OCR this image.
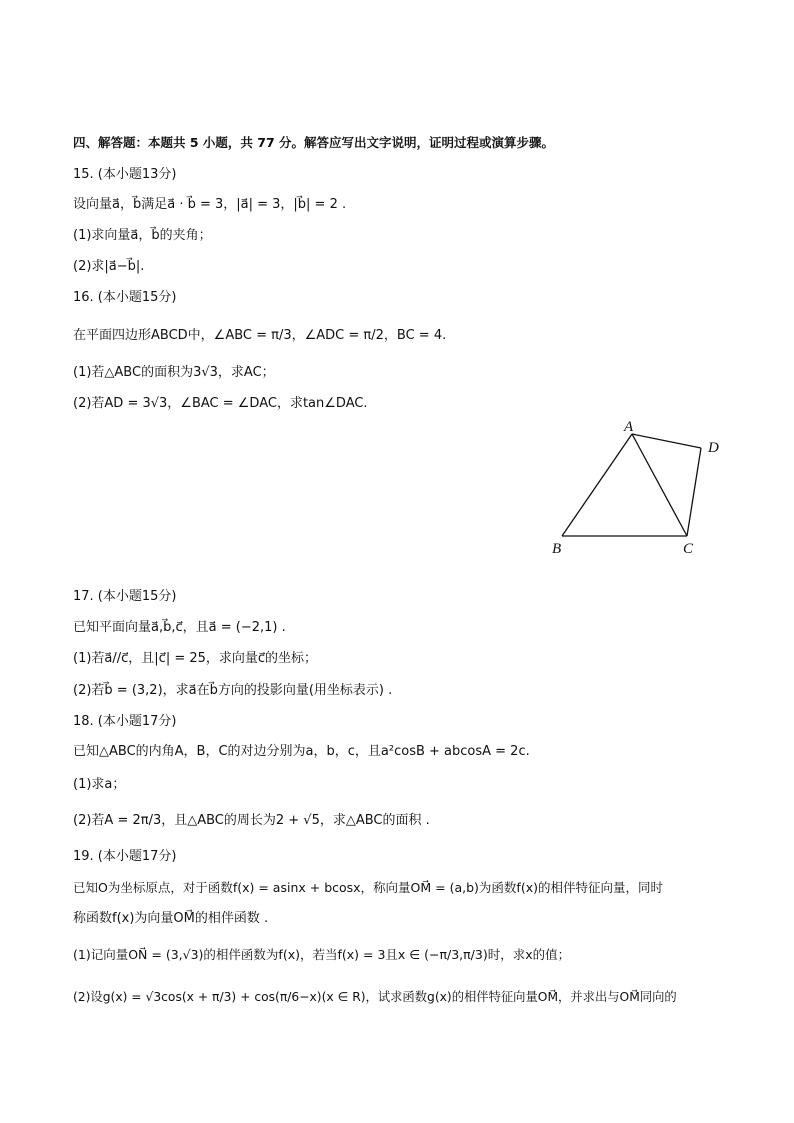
四、解答题：本题共 5 小题，共 77 分。解答应写出文字说明，证明过程或演算步骤。
15. (本小题13分)
设向量a⃗，b⃗满足a⃗ · b⃗ = 3，|a⃗| = 3，|b⃗| = 2 .
(1)求向量a⃗，b⃗的夹角；
(2)求|a⃗−b⃗|.
16. (本小题15分)
在平面四边形ABCD中，∠ABC = π/3，∠ADC = π/2，BC = 4.
(1)若△ABC的面积为3√3，求AC；
(2)若AD = 3√3，∠BAC = ∠DAC，求tan∠DAC.
A
B	C
D
17. (本小题15分)
已知平面向量a⃗,b⃗,c⃗，且a⃗ = (−2,1) .
(1)若a⃗//c⃗，且|c⃗| = 25，求向量c⃗的坐标；
(2)若b⃗ = (3,2)，求a⃗在b⃗方向的投影向量(用坐标表示) .
18. (本小题17分)
已知△ABC的内角A，B，C的对边分别为a，b，c，且a²cosB + abcosA = 2c.
(1)求a；
(2)若A = 2π/3，且△ABC的周长为2 + √5，求△ABC的面积 .
19. (本小题17分)
已知O为坐标原点，对于函数f(x) = asinx + bcosx，称向量OM⃗ = (a,b)为函数f(x)的相伴特征向量，同时
称函数f(x)为向量OM⃗的相伴函数 .
(1)记向量ON⃗ = (3,√3)的相伴函数为f(x)，若当f(x) = 3且x ∈ (−π/3,π/3)时，求x的值；
(2)设g(x) = √3cos(x + π/3) + cos(π/6−x)(x ∈ R)，试求函数g(x)的相伴特征向量OM⃗，并求出与OM⃗同向的
